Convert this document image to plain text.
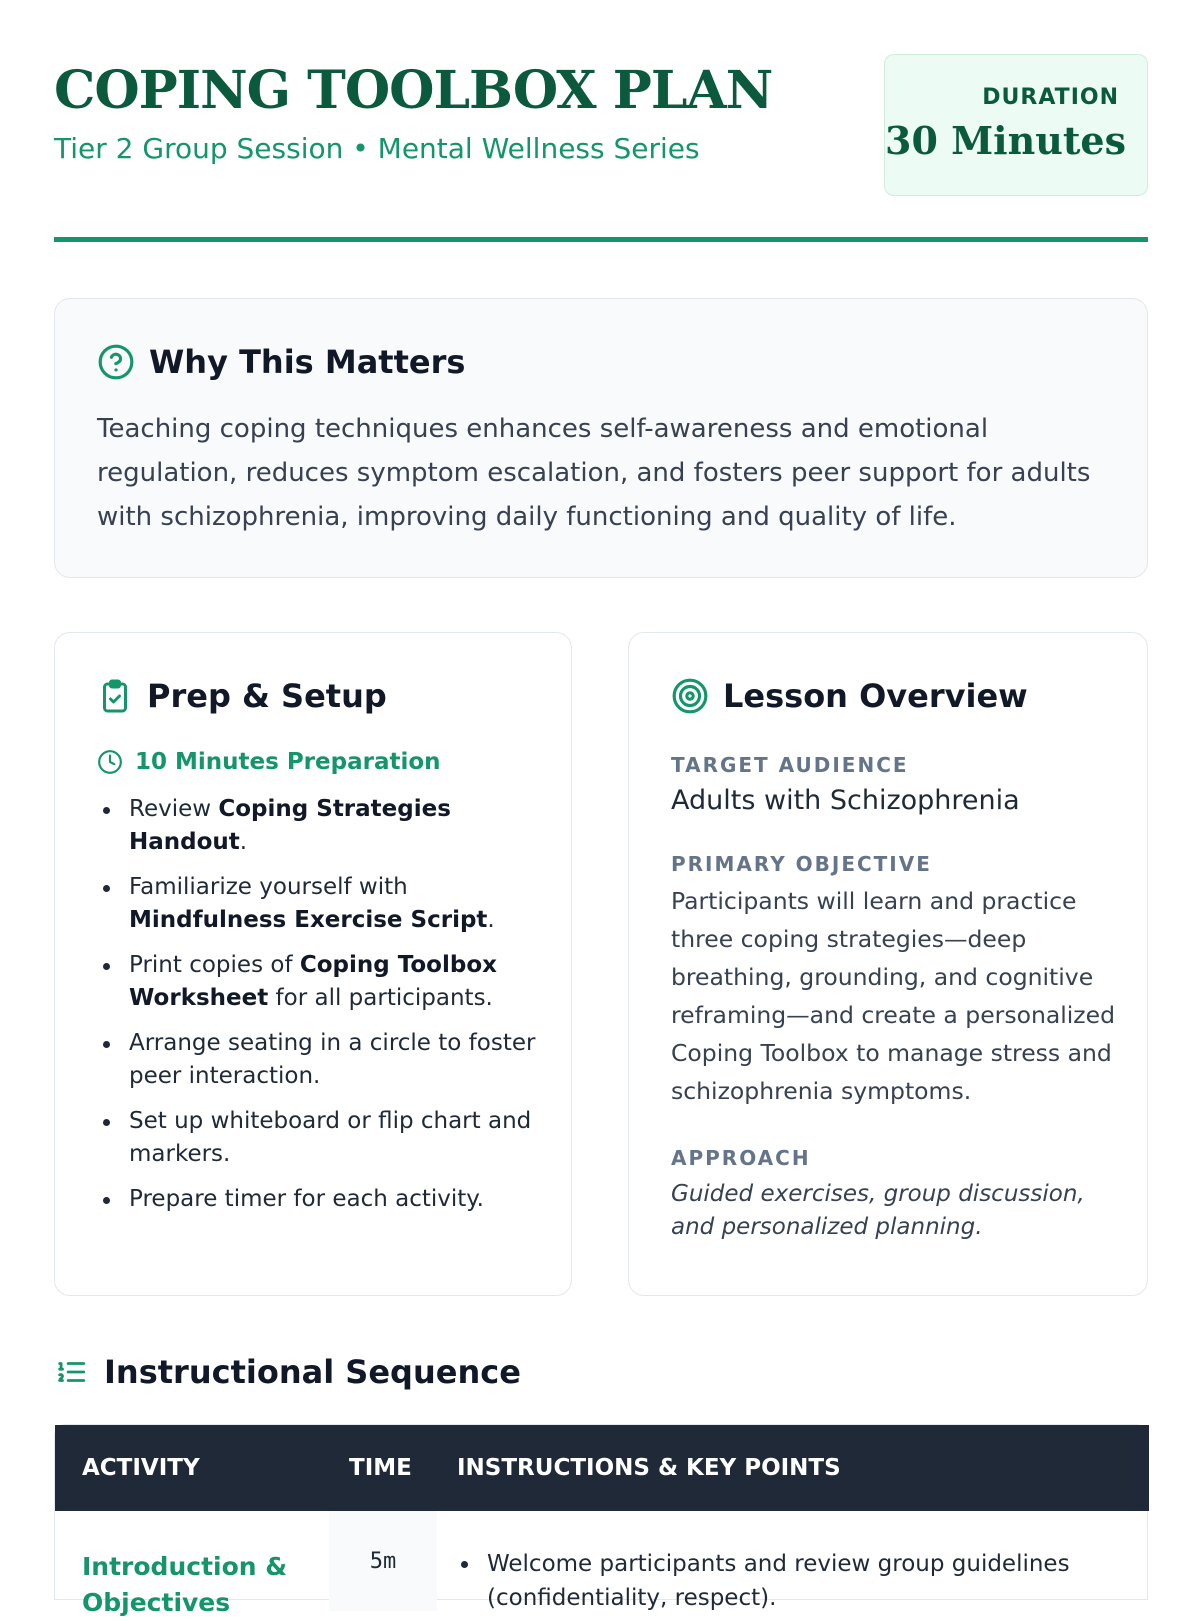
COPING TOOLBOX PLAN
Tier 2 Group Session • Mental Wellness Series
DURATION
30 Minutes
Why This Matters
Teaching coping techniques enhances self-awareness and emotional regulation, reduces symptom escalation, and fosters peer support for adults with schizophrenia, improving daily functioning and quality of life.
Prep & Setup
10 Minutes Preparation
Review Coping Strategies Handout.
Familiarize yourself with Mindfulness Exercise Script.
Print copies of Coping Toolbox Worksheet for all participants.
Arrange seating in a circle to foster peer interaction.
Set up whiteboard or flip chart and markers.
Prepare timer for each activity.
Lesson Overview
TARGET AUDIENCE
Adults with Schizophrenia
PRIMARY OBJECTIVE
Participants will learn and practice three coping strategies—deep breathing, grounding, and cognitive reframing—and create a personalized Coping Toolbox to manage stress and schizophrenia symptoms.
APPROACH
Guided exercises, group discussion, and personalized planning.
Instructional Sequence
ACTIVITY	TIME INSTRUCTIONS & KEY POINTS
Introduction & Objectives
5m	Welcome participants and review group guidelines (confidentiality, respect).
